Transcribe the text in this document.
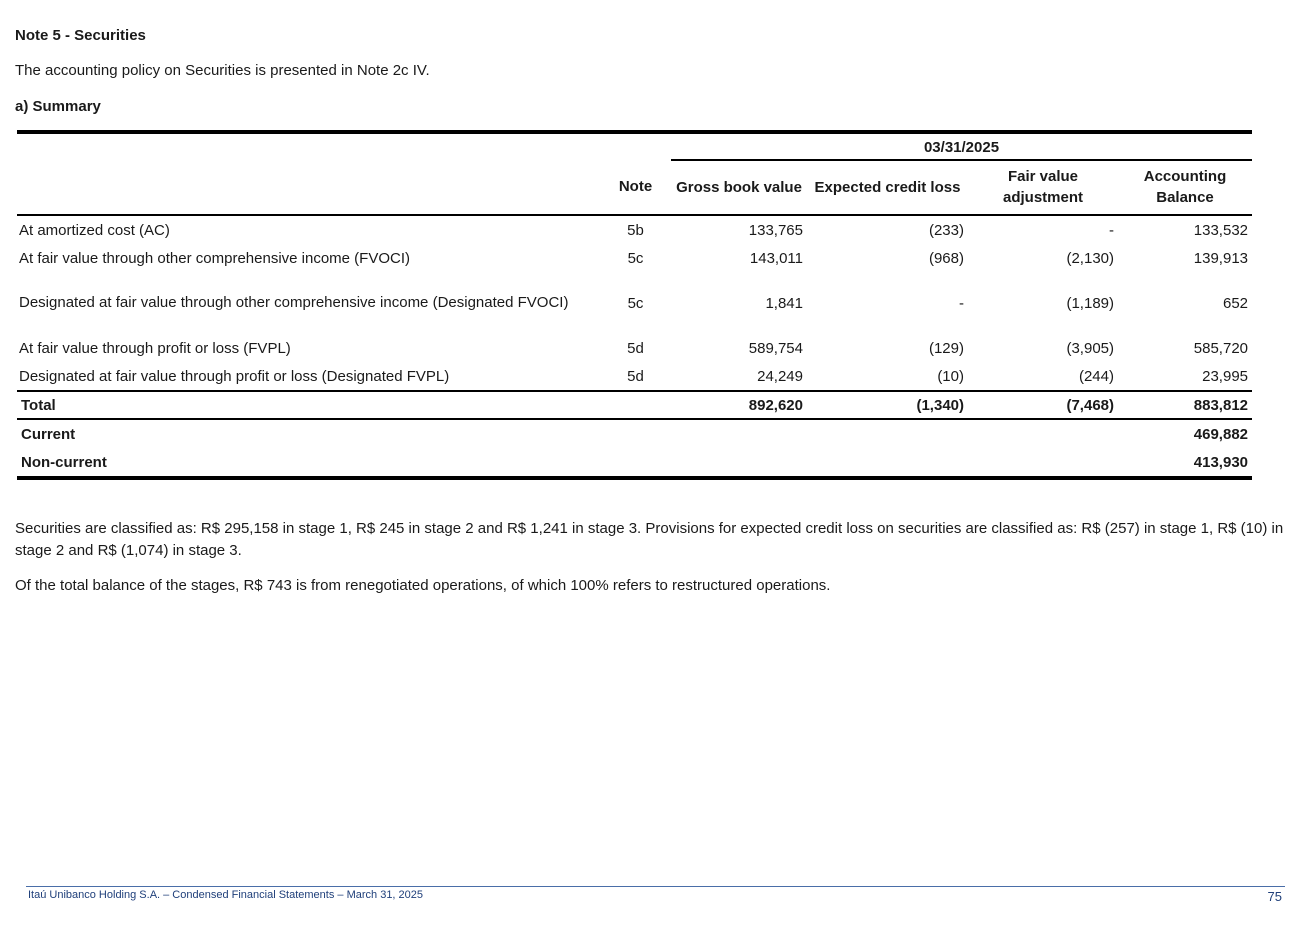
Note 5 - Securities
The accounting policy on Securities is presented in Note 2c IV.
a) Summary
		03/31/2025			
	Note	Gross book value	Expected credit loss	Fair value adjustment	Accounting Balance
At amortized cost (AC)	5b	133,765	(233)	-	133,532
At fair value through other comprehensive income (FVOCI)	5c	143,011	(968)	(2,130)	139,913
Designated at fair value through other comprehensive income (Designated FVOCI)	5c	1,841	-	(1,189)	652
At fair value through profit or loss (FVPL)	5d	589,754	(129)	(3,905)	585,720
Designated at fair value through profit or loss (Designated FVPL)	5d	24,249	(10)	(244)	23,995
Total		892,620	(1,340)	(7,468)	883,812
Current					469,882
Non-current					413,930
Securities are classified as: R$ 295,158 in stage 1, R$ 245 in stage 2 and R$ 1,241 in stage 3. Provisions for expected credit loss on securities are classified as: R$ (257) in stage 1, R$ (10) in stage 2 and R$ (1,074) in stage 3.
Of the total balance of the stages, R$ 743 is from renegotiated operations, of which 100% refers to restructured operations.
Itaú Unibanco Holding S.A. – Condensed Financial Statements – March 31, 2025	75
